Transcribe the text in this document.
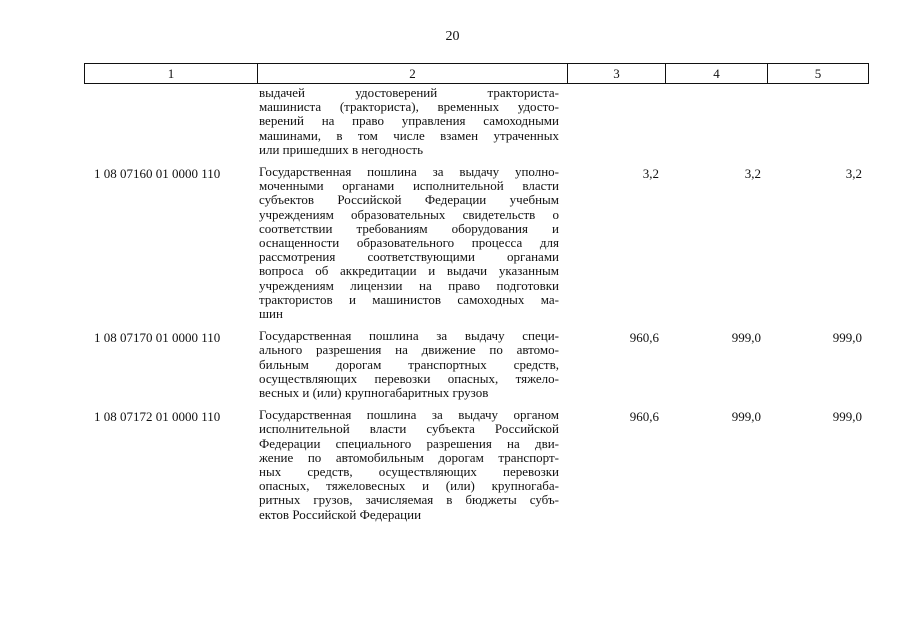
20
1	2	3	4	5
выдачей удостоверений тракториста-
машиниста (тракториста), временных удосто-
верений на право управления самоходными
машинами, в том числе взамен утраченных
или пришедших в негодность
1 08 07160 01 0000 110	Государственная пошлина за выдачу уполно-
моченными органами исполнительной власти
субъектов Российской Федерации учебным
учреждениям образовательных свидетельств о
соответствии требованиям оборудования и
оснащенности образовательного процесса для
рассмотрения соответствующими органами
вопроса об аккредитации и выдачи указанным
учреждениям лицензии на право подготовки
трактористов и машинистов самоходных ма-
шин
3,2	3,2	3,2
1 08 07170 01 0000 110	Государственная пошлина за выдачу специ-
ального разрешения на движение по автомо-
бильным дорогам транспортных средств,
осуществляющих перевозки опасных, тяжело-
весных и (или) крупногабаритных грузов
960,6	999,0	999,0
1 08 07172 01 0000 110	Государственная пошлина за выдачу органом
исполнительной власти субъекта Российской
Федерации специального разрешения на дви-
жение по автомобильным дорогам транспорт-
ных средств, осуществляющих перевозки
опасных, тяжеловесных и (или) крупногаба-
ритных грузов, зачисляемая в бюджеты субъ-
ектов Российской Федерации
960,6	999,0	999,0
